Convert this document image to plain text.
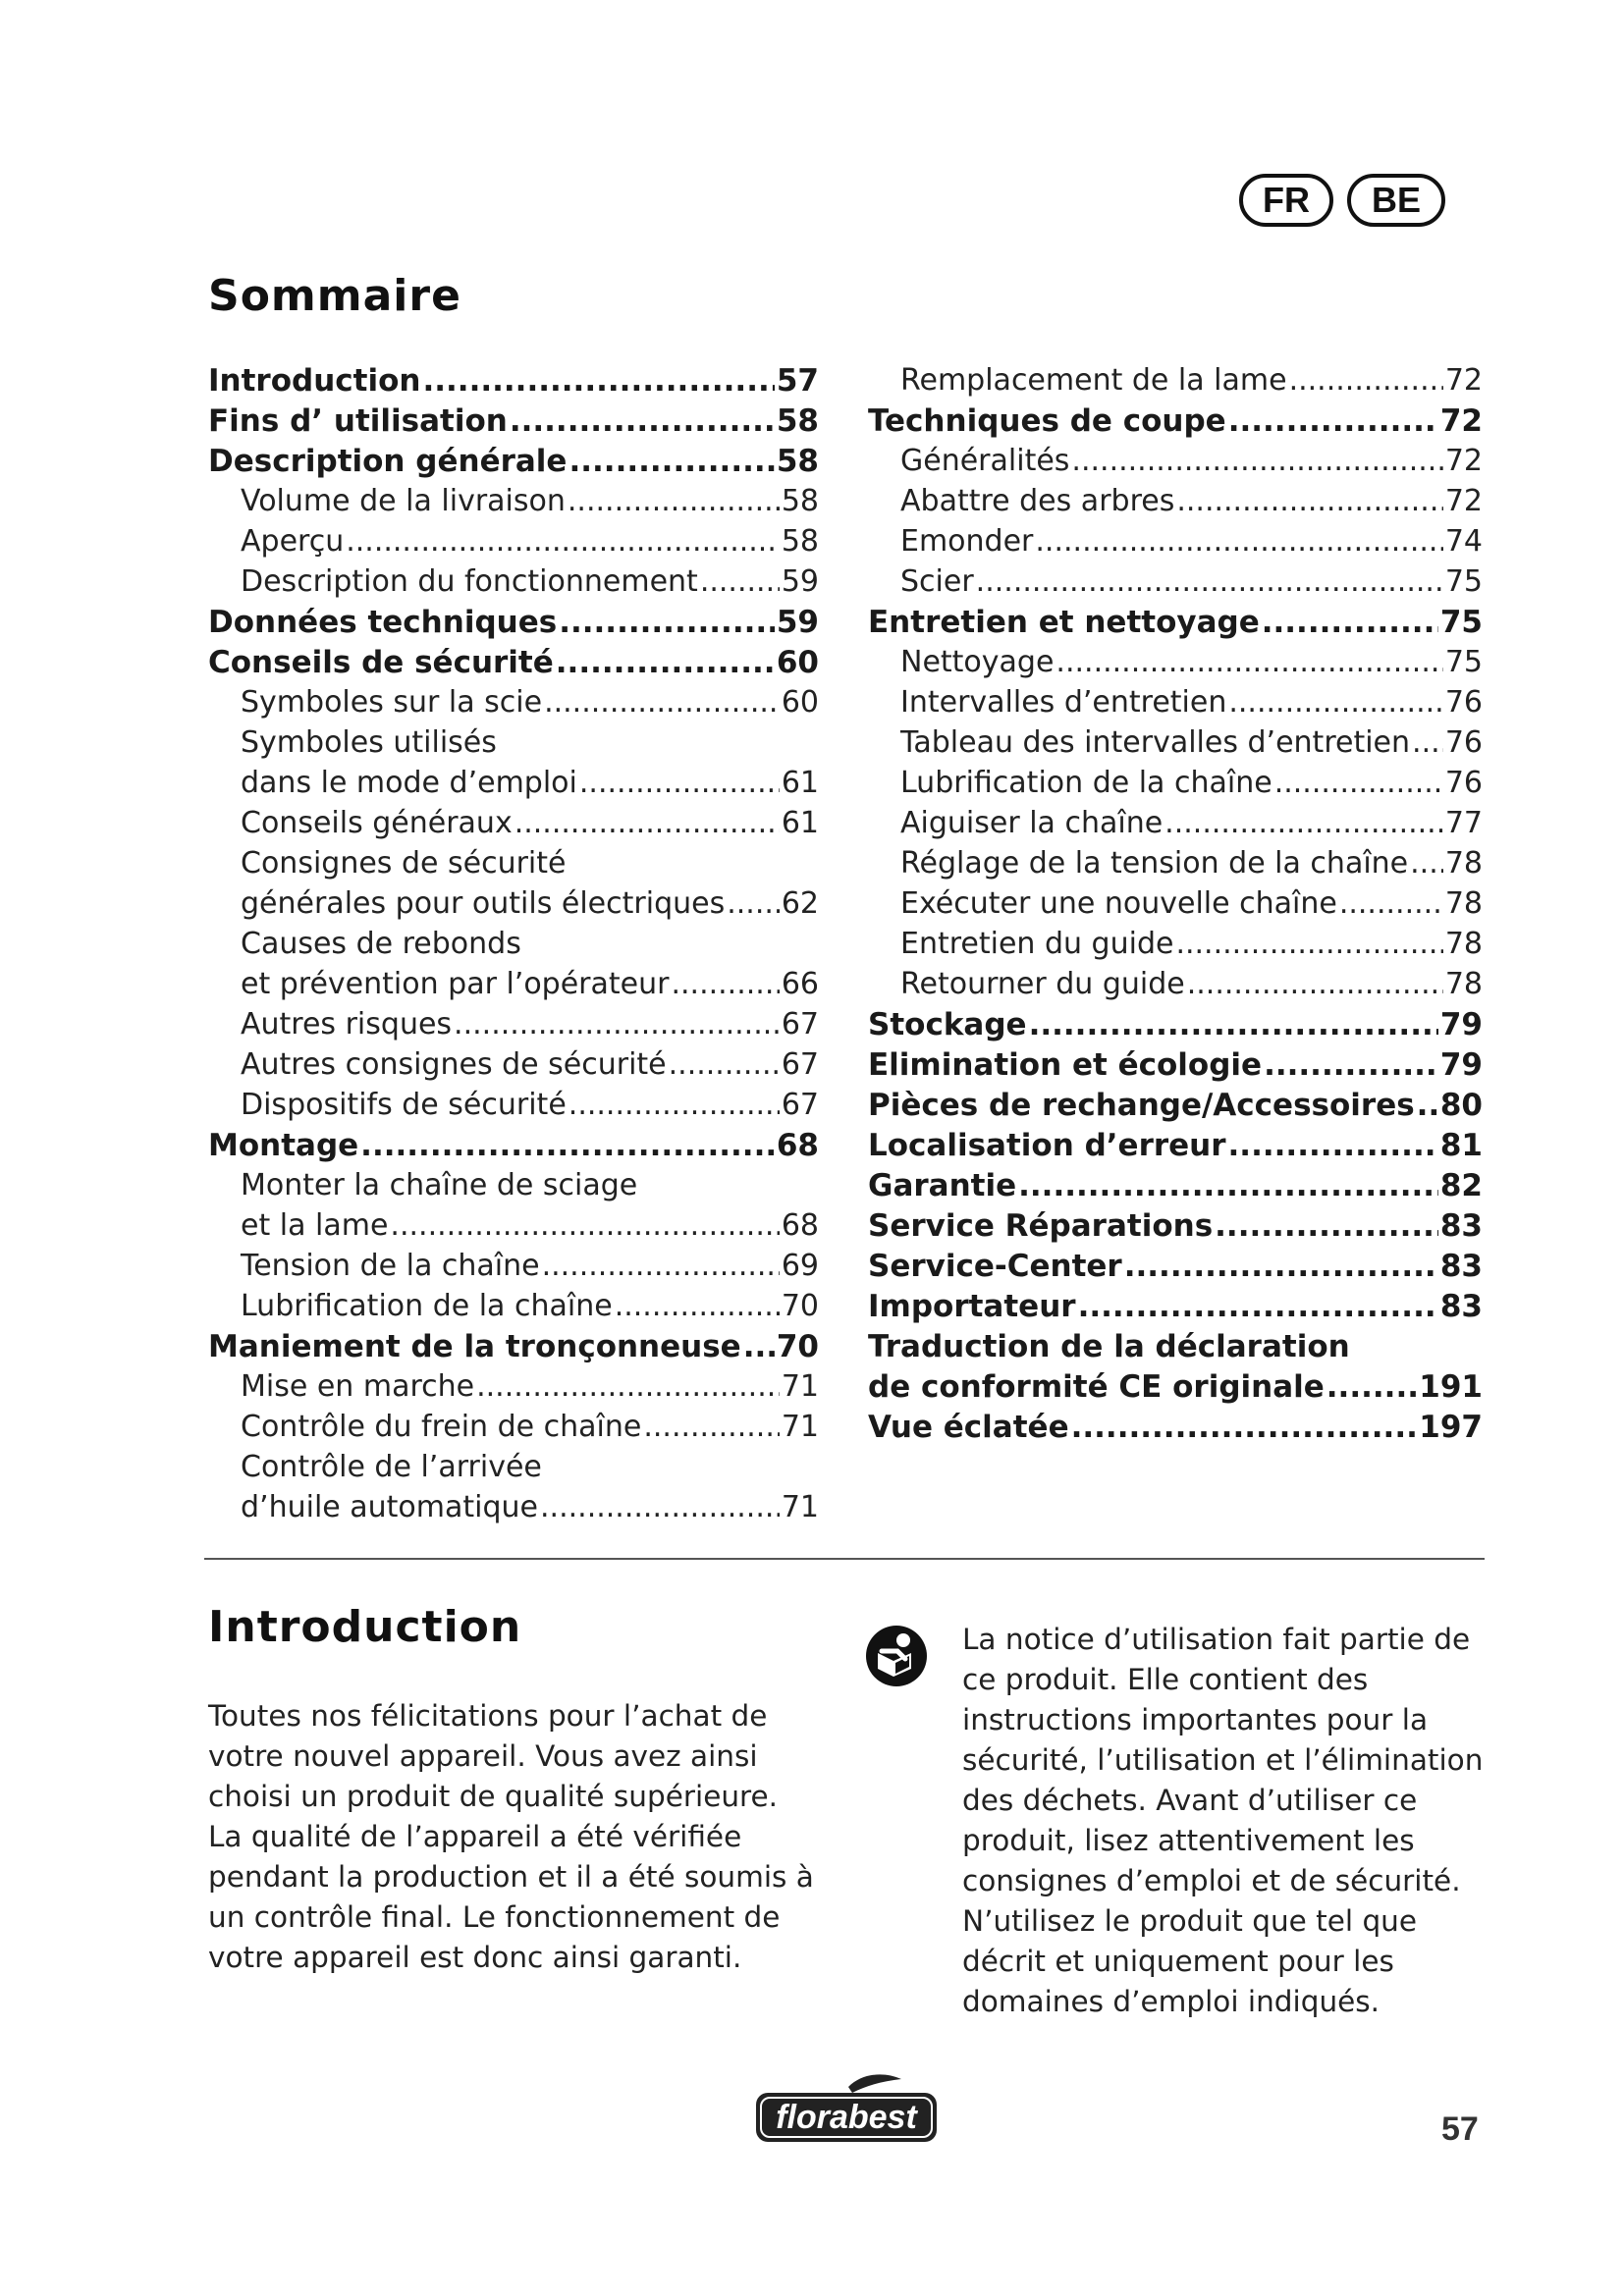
FR	BE
Sommaire
Introduction .....	57
Fins d’ utilisation .....	58
Description générale .....	58
Volume de la livraison .....	58
Aperçu .....	58
Description du fonctionnement .....	59
Données techniques .....	59
Conseils de sécurité .....	60
Symboles sur la scie .....	60
Symboles utilisés
dans le mode d’emploi .....	61
Conseils généraux .....	61
Consignes de sécurité
générales pour outils électriques ..... 62
Causes de rebonds
et prévention par l’opérateur .....	66
Autres risques .....	67
Autres consignes de sécurité .....	67
Dispositifs de sécurité .....	67
Montage .....	68
Monter la chaîne de sciage
et la lame .....	68
Tension de la chaîne .....	69
Lubrification de la chaîne .....	70
Maniement de la tronçonneuse ..... 70
Mise en marche .....	71
Contrôle du frein de chaîne .....	71
Contrôle de l’arrivée
d’huile automatique .....	71
Remplacement de la lame .....	72
Techniques de coupe .....	72
Généralités .....	72
Abattre des arbres .....	72
Emonder .....	74
Scier .....	75
Entretien et nettoyage .....	75
Nettoyage .....	75
Intervalles d’entretien .....	76
Tableau des intervalles d’entretien ..... 76
Lubrification de la chaîne .....	76
Aiguiser la chaîne .....	77
Réglage de la tension de la chaîne ..... 78
Exécuter une nouvelle chaîne .....	78
Entretien du guide .....	78
Retourner du guide .....	78
Stockage .....	79
Elimination et écologie .....	79
Pièces de rechange/Accessoires ..... 80
Localisation d’erreur .....	81
Garantie .....	82
Service Réparations .....	83
Service-Center .....	83
Importateur .....	83
Traduction de la déclaration
de conformité CE originale .....	191
Vue éclatée .....	197
Introduction

Toutes nos félicitations pour l’achat de votre nouvel appareil. Vous avez ainsi choisi un produit de qualité supérieure. La qualité de l’appareil a été vérifiée pendant la production et il a été soumis à un contrôle final. Le fonctionnement de votre appareil est donc ainsi garanti.

La notice d’utilisation fait partie de ce produit. Elle contient des instructions importantes pour la sécurité, l’utilisation et l’élimination des déchets. Avant d’utiliser ce produit, lisez attentivement les consignes d’emploi et de sécurité. N’utilisez le produit que tel que décrit et uniquement pour les domaines d’emploi indiqués.

florabest	57
